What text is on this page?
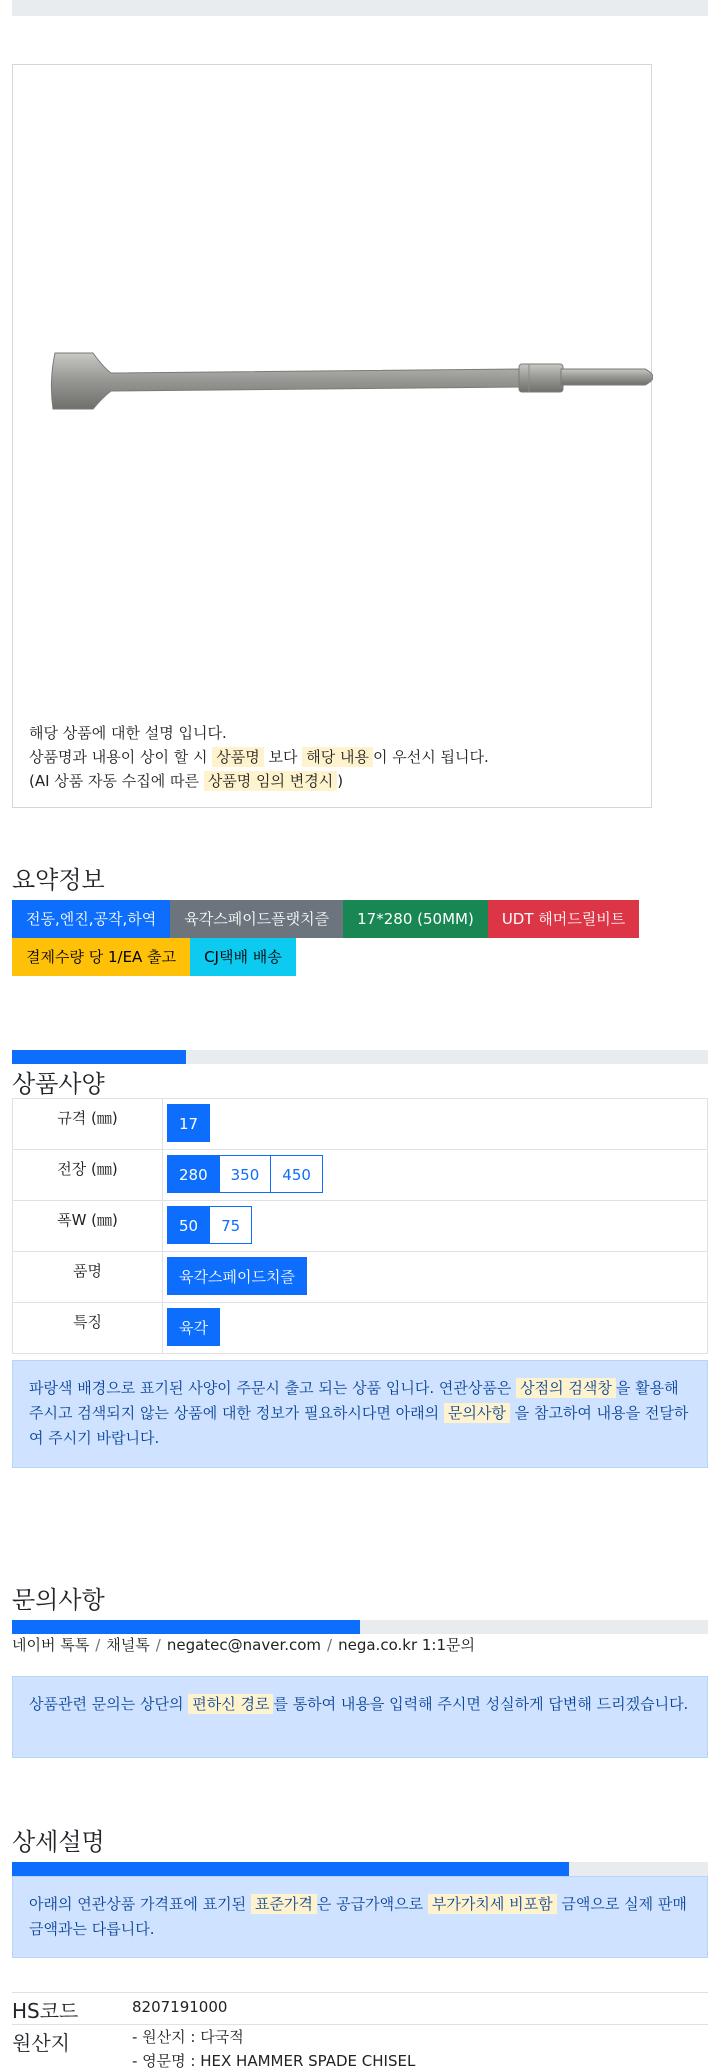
해당 상품에 대한 설명 입니다.
상품명과 내용이 상이 할 시 상품명 보다 해당 내용 이 우선시 됩니다.
(AI 상품 자동 수집에 따른 상품명 임의 변경시 )
요약정보
전동,엔진,공작,하역	육각스페이드플랫치즐	17*280 (50MM)	UDT 해머드릴비트
결제수량 당 1/EA 출고	CJ택배 배송
상품사양
규격 (㎜)	17
전장 (㎜)	280 350 450
폭W (㎜)	50 75
품명	육각스페이드치즐
특징	육각
파랑색 배경으로 표기된 사양이 주문시 출고 되는 상품 입니다. 연관상품은 상점의 검색창 을 활용해 주시고 검색되지 않는 상품에 대한 정보가 필요하시다면 아래의 문의사항 을 참고하여 내용을 전달하여 주시기 바랍니다.
문의사항
네이버 톡톡 / 채널톡 / negatec@naver.com / nega.co.kr 1:1문의
상품관련 문의는 상단의 편하신 경로 를 통하여 내용을 입력해 주시면 성실하게 답변해 드리겠습니다.
상세설명
아래의 연관상품 가격표에 표기된 표준가격 은 공급가액으로 부가가치세 비포함 금액으로 실제 판매금액과는 다릅니다.
HS코드	8207191000
원산지	- 원산지 : 다국적
- 영문명 : HEX HAMMER SPADE CHISEL
